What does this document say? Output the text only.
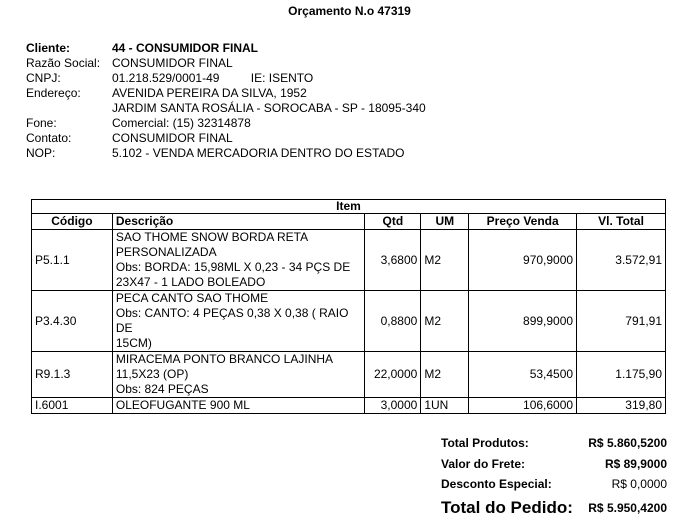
Orçamento N.o 47319
Cliente:	44 - CONSUMIDOR FINAL
Razão Social:	CONSUMIDOR FINAL
CNPJ:	01.218.529/0001-49 IE: ISENTO
Endereço:	AVENIDA PEREIRA DA SILVA, 1952
	JARDIM SANTA ROSÁLIA - SOROCABA - SP - 18095-340
Fone:	Comercial: (15) 32314878
Contato:	CONSUMIDOR FINAL
NOP:	5.102 - VENDA MERCADORIA DENTRO DO ESTADO
Item					
Código	Descrição	Qtd	UM	Preço Venda	Vl. Total
P5.1.1	SAO THOME SNOW BORDA RETA
PERSONALIZADA
Obs: BORDA: 15,98ML X 0,23 - 34 PÇS DE
23X47 - 1 LADO BOLEADO	3,6800	M2	970,9000	3.572,91
P3.4.30	PECA CANTO SAO THOME
Obs: CANTO: 4 PEÇAS 0,38 X 0,38 ( RAIO DE
15CM)	0,8800	M2	899,9000	791,91
R9.1.3	MIRACEMA PONTO BRANCO LAJINHA
11,5X23 (OP)
Obs: 824 PEÇAS	22,0000	M2	53,4500	1.175,90
I.6001	OLEOFUGANTE 900 ML	3,0000	1UN	106,6000	319,80
Total Produtos:	R$ 5.860,5200
Valor do Frete:	R$ 89,9000
Desconto Especial:	R$ 0,0000
Total do Pedido:	R$ 5.950,4200
